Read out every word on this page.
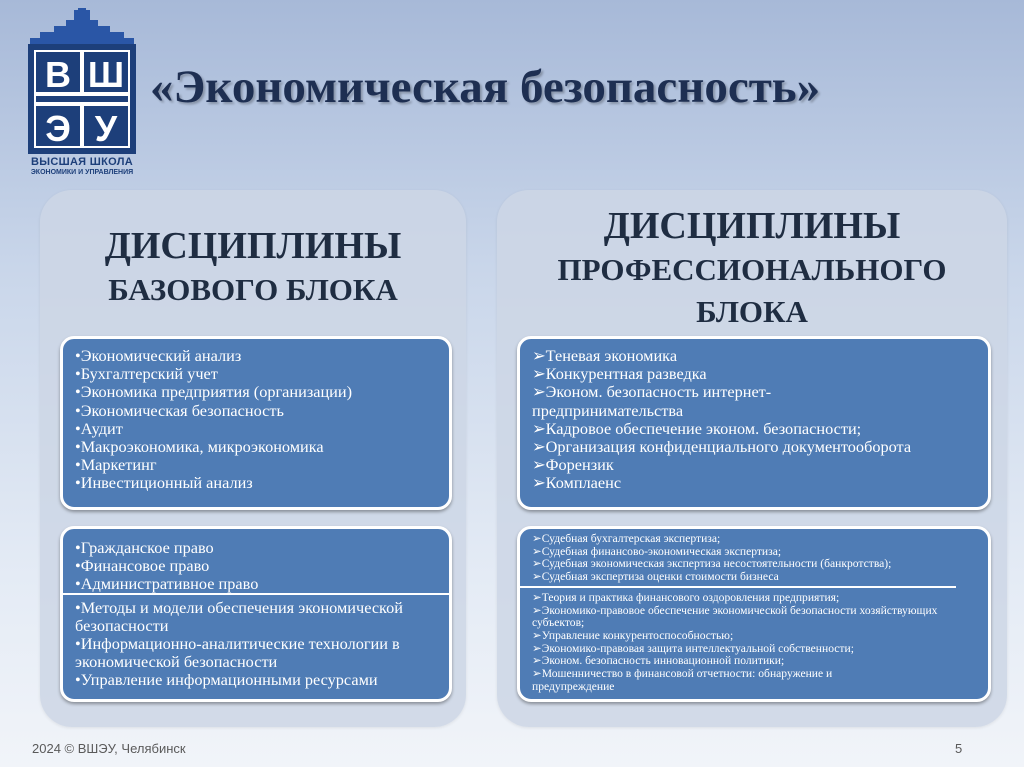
В Ш
Э У
ВЫСШАЯ ШКОЛА
ЭКОНОМИКИ И УПРАВЛЕНИЯ
«Экономическая безопасность»
ДИСЦИПЛИНЫ
БАЗОВОГО БЛОКА
•Экономический анализ
•Бухгалтерский учет
•Экономика предприятия (организации)
•Экономическая безопасность
•Аудит
•Макроэкономика, микроэкономика
•Маркетинг
•Инвестиционный анализ
•Гражданское право
•Финансовое право
•Административное право
•Методы и модели обеспечения экономической безопасности
•Информационно-аналитические технологии в экономической безопасности
•Управление информационными ресурсами
ДИСЦИПЛИНЫ
ПРОФЕССИОНАЛЬНОГО
БЛОКА
➢Теневая экономика
➢Конкурентная разведка
➢Эконом. безопасность интернет-предпринимательства
➢Кадровое обеспечение эконом. безопасности;
➢Организация конфиденциального документооборота
➢Форензик
➢Комплаенс
➢Судебная бухгалтерская экспертиза;
➢Судебная финансово-экономическая экспертиза;
➢Судебная экономическая экспертиза несостоятельности (банкротства);
➢Судебная экспертиза оценки стоимости бизнеса
➢Теория и практика финансового оздоровления предприятия;
➢Экономико-правовое обеспечение экономической безопасности хозяйствующих субъектов;
➢Управление конкурентоспособностью;
➢Экономико-правовая защита интеллектуальной собственности;
➢Эконом. безопасность инновационной политики;
➢Мошенничество в финансовой отчетности: обнаружение и предупреждение
2024 © ВШЭУ, Челябинск	5
